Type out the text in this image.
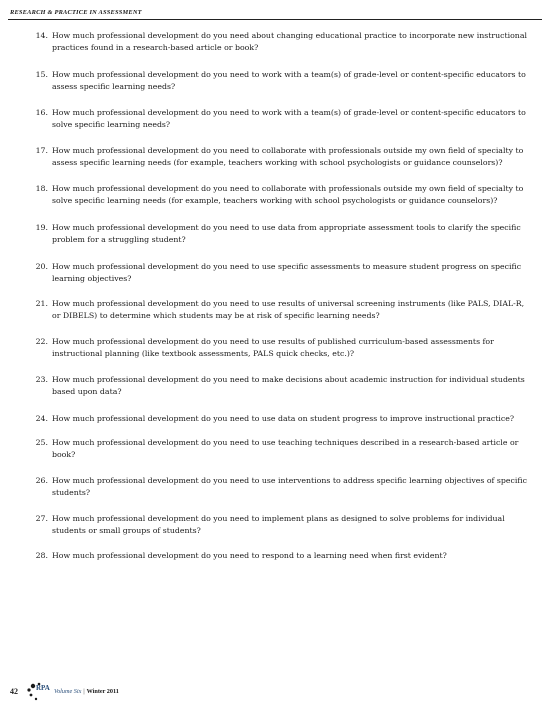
RESEARCH & PRACTICE IN ASSESSMENT
14. How much professional development do you need about changing educational practice to incorporate new instructional practices found in a research-based article or book?
15. How much professional development do you need to work with a team(s) of grade-level or content-specific educators to assess specific learning needs?
16. How much professional development do you need to work with a team(s) of grade-level or content-specific educators to solve specific learning needs?
17. How much professional development do you need to collaborate with professionals outside my own field of specialty to assess specific learning needs (for example, teachers working with school psychologists or guidance counselors)?
18. How much professional development do you need to collaborate with professionals outside my own field of specialty to solve specific learning needs (for example, teachers working with school psychologists or guidance counselors)?
19. How much professional development do you need to use data from appropriate assessment tools to clarify the specific problem for a struggling student?
20. How much professional development do you need to use specific assessments to measure student progress on specific learning objectives?
21. How much professional development do you need to use results of universal screening instruments (like PALS, DIAL-R, or DIBELS) to determine which students may be at risk of specific learning needs?
22. How much professional development do you need to use results of published curriculum-based assessments for instructional planning (like textbook assessments, PALS quick checks, etc.)?
23. How much professional development do you need to make decisions about academic instruction for individual students based upon data?
24. How much professional development do you need to use data on student progress to improve instructional practice?
25. How much professional development do you need to use teaching techniques described in a research-based article or book?
26. How much professional development do you need to use interventions to address specific learning objectives of specific students?
27. How much professional development do you need to implement plans as designed to solve problems for individual students or small groups of students?
28. How much professional development do you need to respond to a learning need when first evident?
42	RPA Volume Six | Winter 2011
